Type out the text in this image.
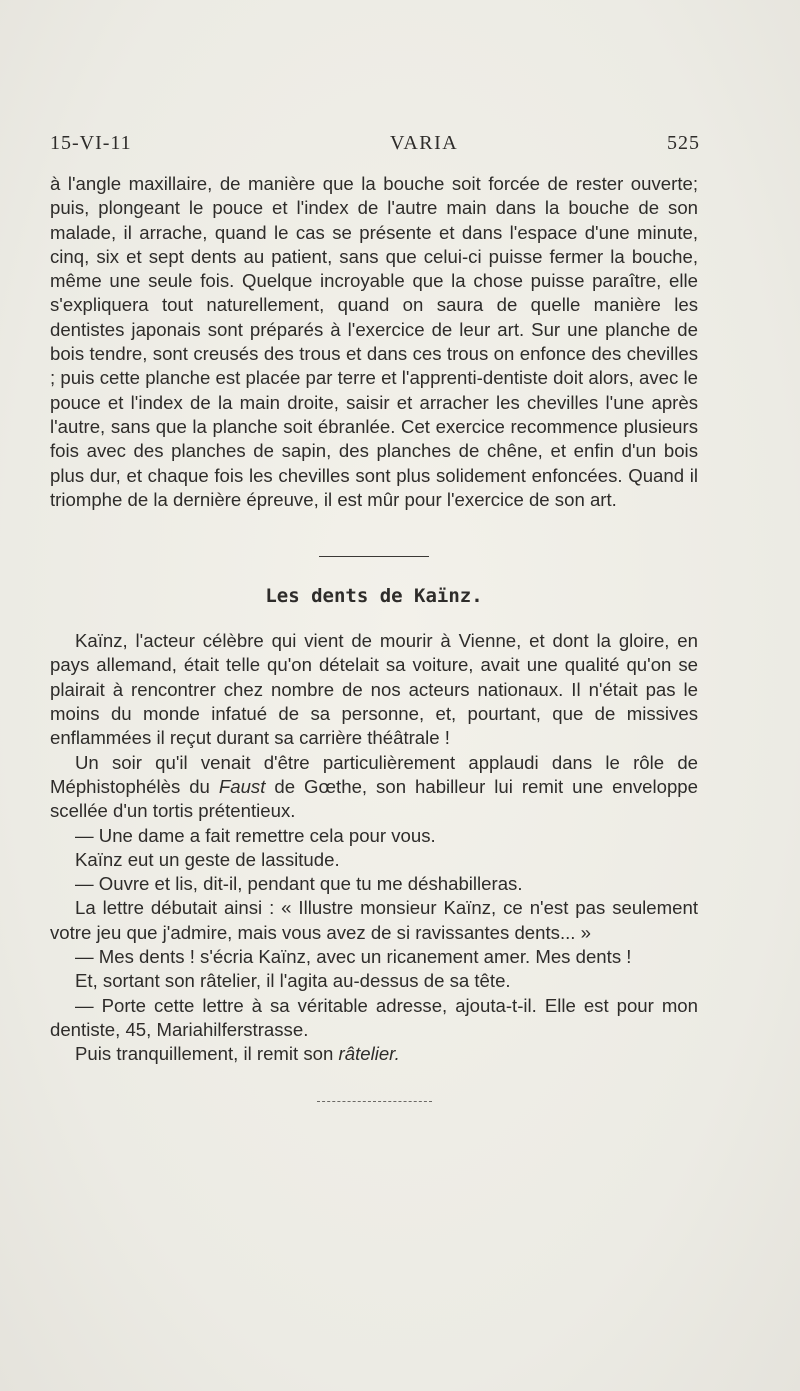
15-VI-11	VARIA	525

à l'angle maxillaire, de manière que la bouche soit forcée de rester ouverte; puis, plongeant le pouce et l'index de l'autre main dans la bouche de son malade, il arrache, quand le cas se présente et dans l'espace d'une minute, cinq, six et sept dents au patient, sans que celui-ci puisse fermer la bouche, même une seule fois. Quelque incroyable que la chose puisse paraître, elle s'expliquera tout naturellement, quand on saura de quelle manière les dentistes japonais sont préparés à l'exercice de leur art. Sur une planche de bois tendre, sont creusés des trous et dans ces trous on enfonce des chevilles ; puis cette planche est placée par terre et l'apprenti-dentiste doit alors, avec le pouce et l'index de la main droite, saisir et arracher les chevilles l'une après l'autre, sans que la planche soit ébranlée. Cet exercice recommence plusieurs fois avec des planches de sapin, des planches de chêne, et enfin d'un bois plus dur, et chaque fois les chevilles sont plus solidement enfoncées. Quand il triomphe de la dernière épreuve, il est mûr pour l'exercice de son art.

Les dents de Kaïnz.

Kaïnz, l'acteur célèbre qui vient de mourir à Vienne, et dont la gloire, en pays allemand, était telle qu'on dételait sa voiture, avait une qualité qu'on se plairait à rencontrer chez nombre de nos acteurs nationaux. Il n'était pas le moins du monde infatué de sa personne, et, pourtant, que de missives enflammées il reçut durant sa carrière théâtrale !

Un soir qu'il venait d'être particulièrement applaudi dans le rôle de Méphistophélès du Faust de Gœthe, son habilleur lui remit une enveloppe scellée d'un tortis prétentieux.

— Une dame a fait remettre cela pour vous.

Kaïnz eut un geste de lassitude.

— Ouvre et lis, dit-il, pendant que tu me déshabilleras.

La lettre débutait ainsi : « Illustre monsieur Kaïnz, ce n'est pas seulement votre jeu que j'admire, mais vous avez de si ravissantes dents... »

— Mes dents ! s'écria Kaïnz, avec un ricanement amer. Mes dents !

Et, sortant son râtelier, il l'agita au-dessus de sa tête.

— Porte cette lettre à sa véritable adresse, ajouta-t-il. Elle est pour mon dentiste, 45, Mariahilferstrasse.

Puis tranquillement, il remit son râtelier.
